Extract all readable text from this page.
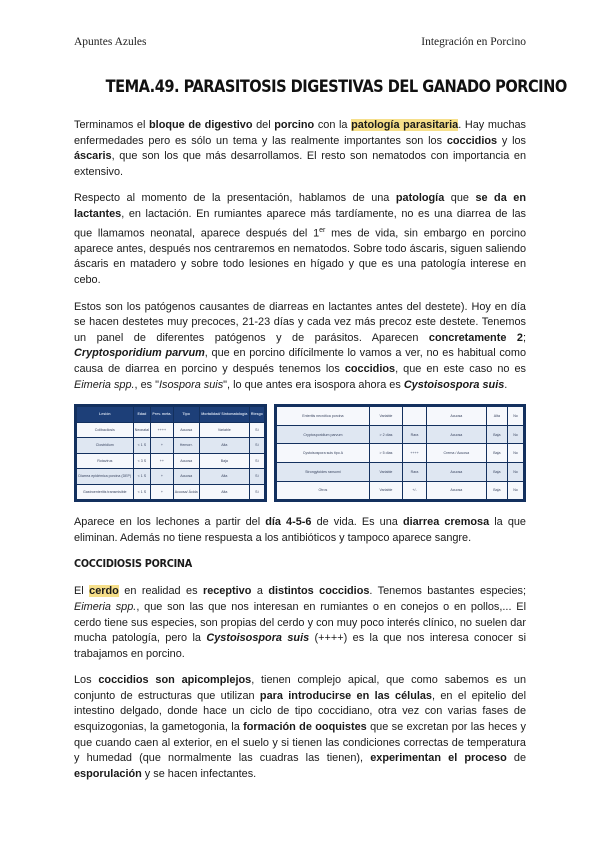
Apuntes Azules	Integración en Porcino
TEMA.49. PARASITOSIS DIGESTIVAS DEL GANADO PORCINO

Terminamos el bloque de digestivo del porcino con la patología parasitaria. Hay muchas enfermedades pero es sólo un tema y las realmente importantes son los coccidios y los áscaris, que son los que más desarrollamos. El resto son nematodos con importancia en extensivo.

Respecto al momento de la presentación, hablamos de una patología que se da en lactantes, en lactación. En rumiantes aparece más tardíamente, no es una diarrea de las que llamamos neonatal, aparece después del 1er mes de vida, sin embargo en porcino aparece antes, después nos centraremos en nematodos. Sobre todo áscaris, siguen saliendo áscaris en matadero y sobre todo lesiones en hígado y que es una patología interese en cebo.

Estos son los patógenos causantes de diarreas en lactantes antes del destete). Hoy en día se hacen destetes muy precoces, 21-23 días y cada vez más precoz este destete. Tenemos un panel de diferentes patógenos y de parásitos. Aparecen concretamente 2; Cryptosporidium parvum, que en porcino difícilmente lo vamos a ver, no es habitual como causa de diarrea en porcino y después tenemos los coccidios, que en este caso no es Eimeria spp., es "Isospora suis", lo que antes era isospora ahora es Cystoisospora suis.

Lesión	Edad	Prev. meta.	Tipo	Mortalidad/ Sintomatología	Riesgo
Colibacilosis	Neonatal	++++	Acuosa	Variable	Sí
Clostridium	< 1 S	+	Hemorr.	Alta	Sí
Rotavirus	< 3 S	++	Acuosa	Baja	Sí
Diarrea epidémica porcina (DEP)	< 1 S	+	Acuosa	Alta	Sí
Gastroenteritis transmisible	< 1 S	+	Acuosa/ Ácida	Alta	Sí
Enteritis necrótica porcina	Variable		Acuosa	Alta	No
Cryptosporidium parvum	> 2 días	Rara	Acuosa	Baja	No
Cystoisospora suis tipo A	> 5 días	++++	Crema / Acuosa	Baja	No
Strongyloides ransomi	Variable	Rara	Acuosa	Baja	No
Otros	Variable	+/-	Acuosa	Baja	No

Aparece en los lechones a partir del día 4-5-6 de vida. Es una diarrea cremosa la que eliminan. Además no tiene respuesta a los antibióticos y tampoco aparece sangre.

COCCIDIOSIS PORCINA

El cerdo en realidad es receptivo a distintos coccidios. Tenemos bastantes especies; Eimeria spp., que son las que nos interesan en rumiantes o en conejos o en pollos,... El cerdo tiene sus especies, son propias del cerdo y con muy poco interés clínico, no suelen dar mucha patología, pero la Cystoisospora suis (++++) es la que nos interesa conocer si trabajamos en porcino.

Los coccidios son apicomplejos, tienen complejo apical, que como sabemos es un conjunto de estructuras que utilizan para introducirse en las células, en el epitelio del intestino delgado, donde hace un ciclo de tipo coccidiano, otra vez con varias fases de esquizogonias, la gametogonia, la formación de ooquistes que se excretan por las heces y que cuando caen al exterior, en el suelo y si tienen las condiciones correctas de temperatura y humedad (que normalmente las cuadras las tienen), experimentan el proceso de esporulación y se hacen infectantes.
